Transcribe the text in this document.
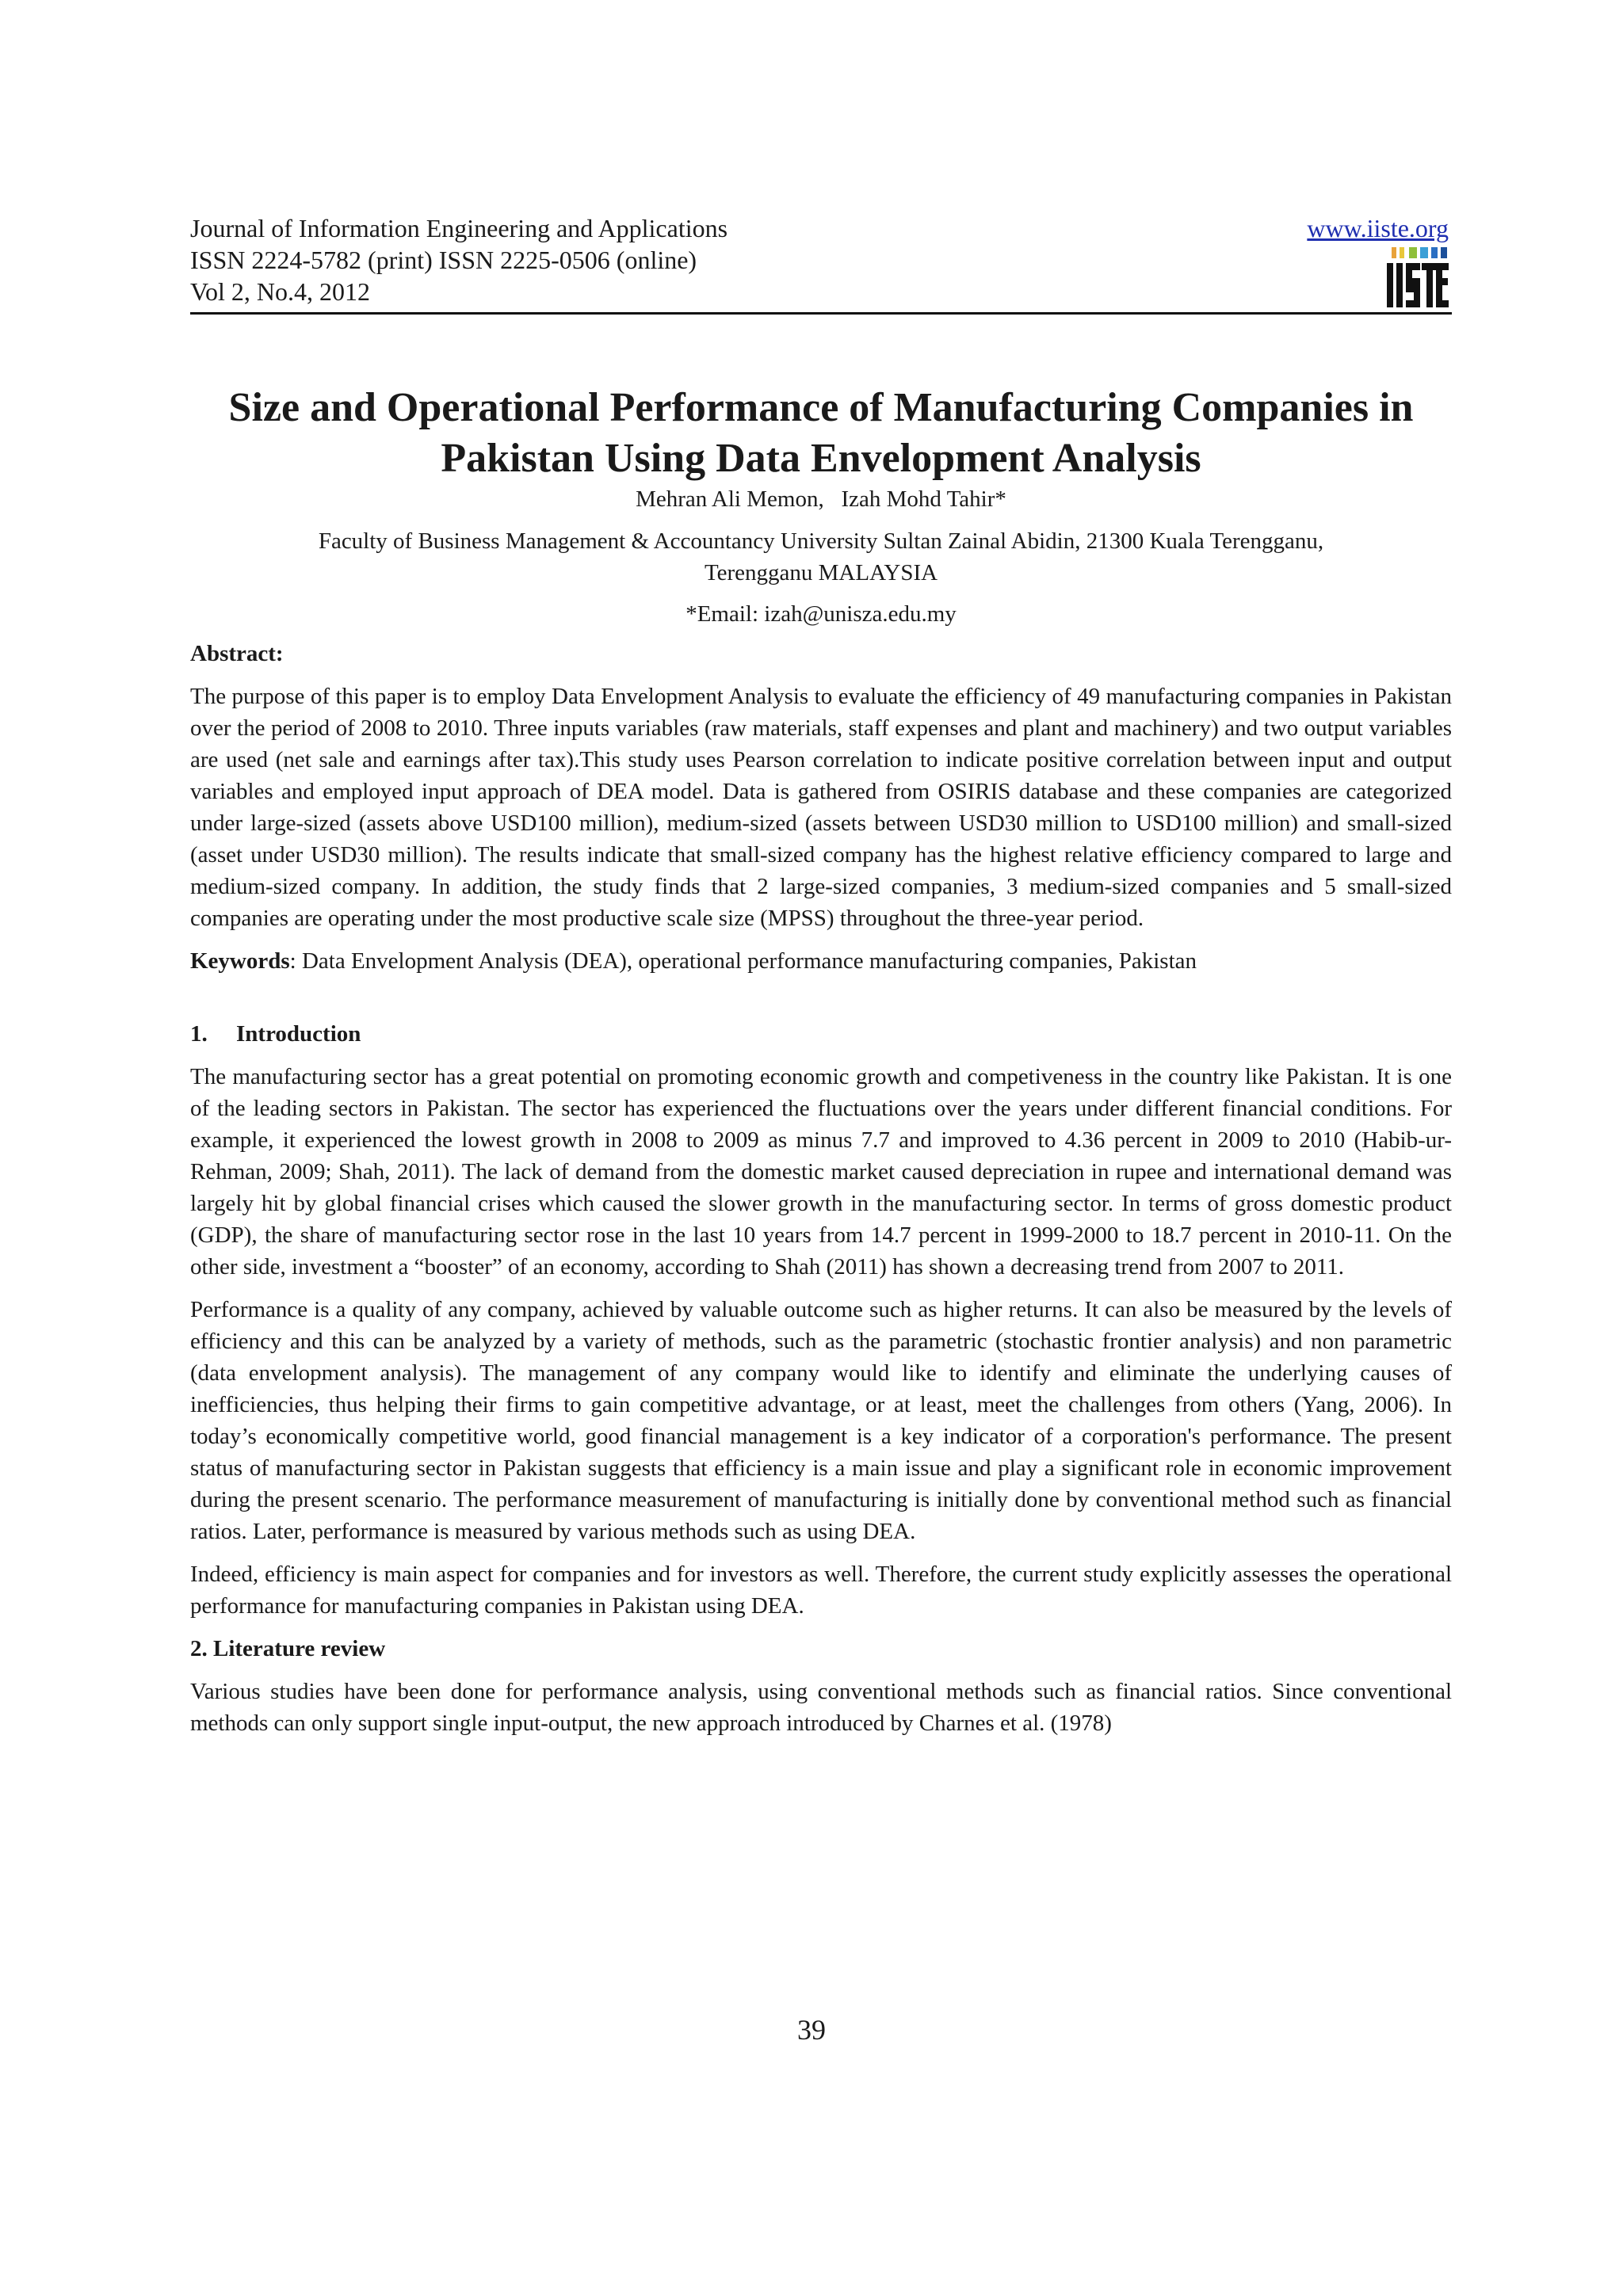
Journal of Information Engineering and Applications
ISSN 2224-5782 (print) ISSN 2225-0506 (online)
Vol 2, No.4, 2012
www.iiste.org
Size and Operational Performance of Manufacturing Companies in
Pakistan Using Data Envelopment Analysis
Mehran Ali Memon,   Izah Mohd Tahir*
Faculty of Business Management & Accountancy University Sultan Zainal Abidin, 21300 Kuala Terengganu,
Terengganu MALAYSIA
*Email: izah@unisza.edu.my
Abstract:

The purpose of this paper is to employ Data Envelopment Analysis to evaluate the efficiency of 49 manufacturing companies in Pakistan over the period of 2008 to 2010. Three inputs variables (raw materials, staff expenses and plant and machinery) and two output variables are used (net sale and earnings after tax).This study uses Pearson correlation to indicate positive correlation between input and output variables and employed input approach of DEA model. Data is gathered from OSIRIS database and these companies are categorized under large-sized (assets above USD100 million), medium-sized (assets between USD30 million to USD100 million) and small-sized (asset under USD30 million). The results indicate that small-sized company has the highest relative efficiency compared to large and medium-sized company. In addition, the study finds that 2 large-sized companies, 3 medium-sized companies and 5 small-sized companies are operating under the most productive scale size (MPSS) throughout the three-year period.

Keywords: Data Envelopment Analysis (DEA), operational performance manufacturing companies, Pakistan

1. Introduction

The manufacturing sector has a great potential on promoting economic growth and competiveness in the country like Pakistan. It is one of the leading sectors in Pakistan. The sector has experienced the fluctuations over the years under different financial conditions. For example, it experienced the lowest growth in 2008 to 2009 as minus 7.7 and improved to 4.36 percent in 2009 to 2010 (Habib-ur-Rehman, 2009; Shah, 2011). The lack of demand from the domestic market caused depreciation in rupee and international demand was largely hit by global financial crises which caused the slower growth in the manufacturing sector. In terms of gross domestic product (GDP), the share of manufacturing sector rose in the last 10 years from 14.7 percent in 1999-2000 to 18.7 percent in 2010-11. On the other side, investment a “booster” of an economy, according to Shah (2011) has shown a decreasing trend from 2007 to 2011.

Performance is a quality of any company, achieved by valuable outcome such as higher returns. It can also be measured by the levels of efficiency and this can be analyzed by a variety of methods, such as the parametric (stochastic frontier analysis) and non parametric (data envelopment analysis). The management of any company would like to identify and eliminate the underlying causes of inefficiencies, thus helping their firms to gain competitive advantage, or at least, meet the challenges from others (Yang, 2006). In today’s economically competitive world, good financial management is a key indicator of a corporation's performance. The present status of manufacturing sector in Pakistan suggests that efficiency is a main issue and play a significant role in economic improvement during the present scenario. The performance measurement of manufacturing is initially done by conventional method such as financial ratios. Later, performance is measured by various methods such as using DEA.

Indeed, efficiency is main aspect for companies and for investors as well. Therefore, the current study explicitly assesses the operational performance for manufacturing companies in Pakistan using DEA.

2. Literature review

Various studies have been done for performance analysis, using conventional methods such as financial ratios. Since conventional methods can only support single input-output, the new approach introduced by Charnes et al. (1978)

39
